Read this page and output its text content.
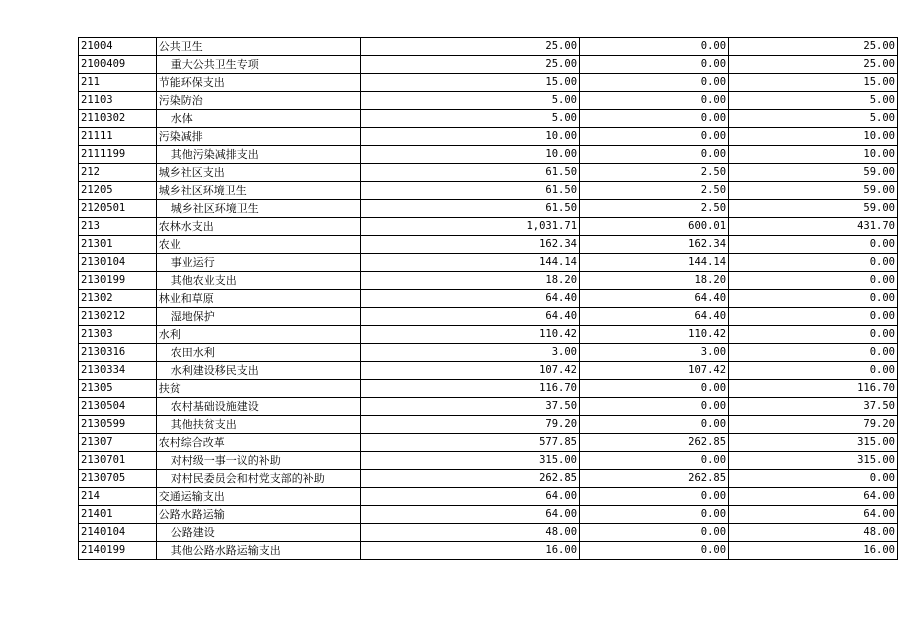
21004	公共卫生	25.00	0.00	25.00
2100409	重大公共卫生专项	25.00	0.00	25.00
211	节能环保支出	15.00	0.00	15.00
21103	污染防治	5.00	0.00	5.00
2110302	水体	5.00	0.00	5.00
21111	污染减排	10.00	0.00	10.00
2111199	其他污染减排支出	10.00	0.00	10.00
212	城乡社区支出	61.50	2.50	59.00
21205	城乡社区环境卫生	61.50	2.50	59.00
2120501	城乡社区环境卫生	61.50	2.50	59.00
213	农林水支出	1,031.71	600.01	431.70
21301	农业	162.34	162.34	0.00
2130104	事业运行	144.14	144.14	0.00
2130199	其他农业支出	18.20	18.20	0.00
21302	林业和草原	64.40	64.40	0.00
2130212	湿地保护	64.40	64.40	0.00
21303	水利	110.42	110.42	0.00
2130316	农田水利	3.00	3.00	0.00
2130334	水利建设移民支出	107.42	107.42	0.00
21305	扶贫	116.70	0.00	116.70
2130504	农村基础设施建设	37.50	0.00	37.50
2130599	其他扶贫支出	79.20	0.00	79.20
21307	农村综合改革	577.85	262.85	315.00
2130701	对村级一事一议的补助	315.00	0.00	315.00
2130705	对村民委员会和村党支部的补助	262.85	262.85	0.00
214	交通运输支出	64.00	0.00	64.00
21401	公路水路运输	64.00	0.00	64.00
2140104	公路建设	48.00	0.00	48.00
2140199	其他公路水路运输支出	16.00	0.00	16.00
